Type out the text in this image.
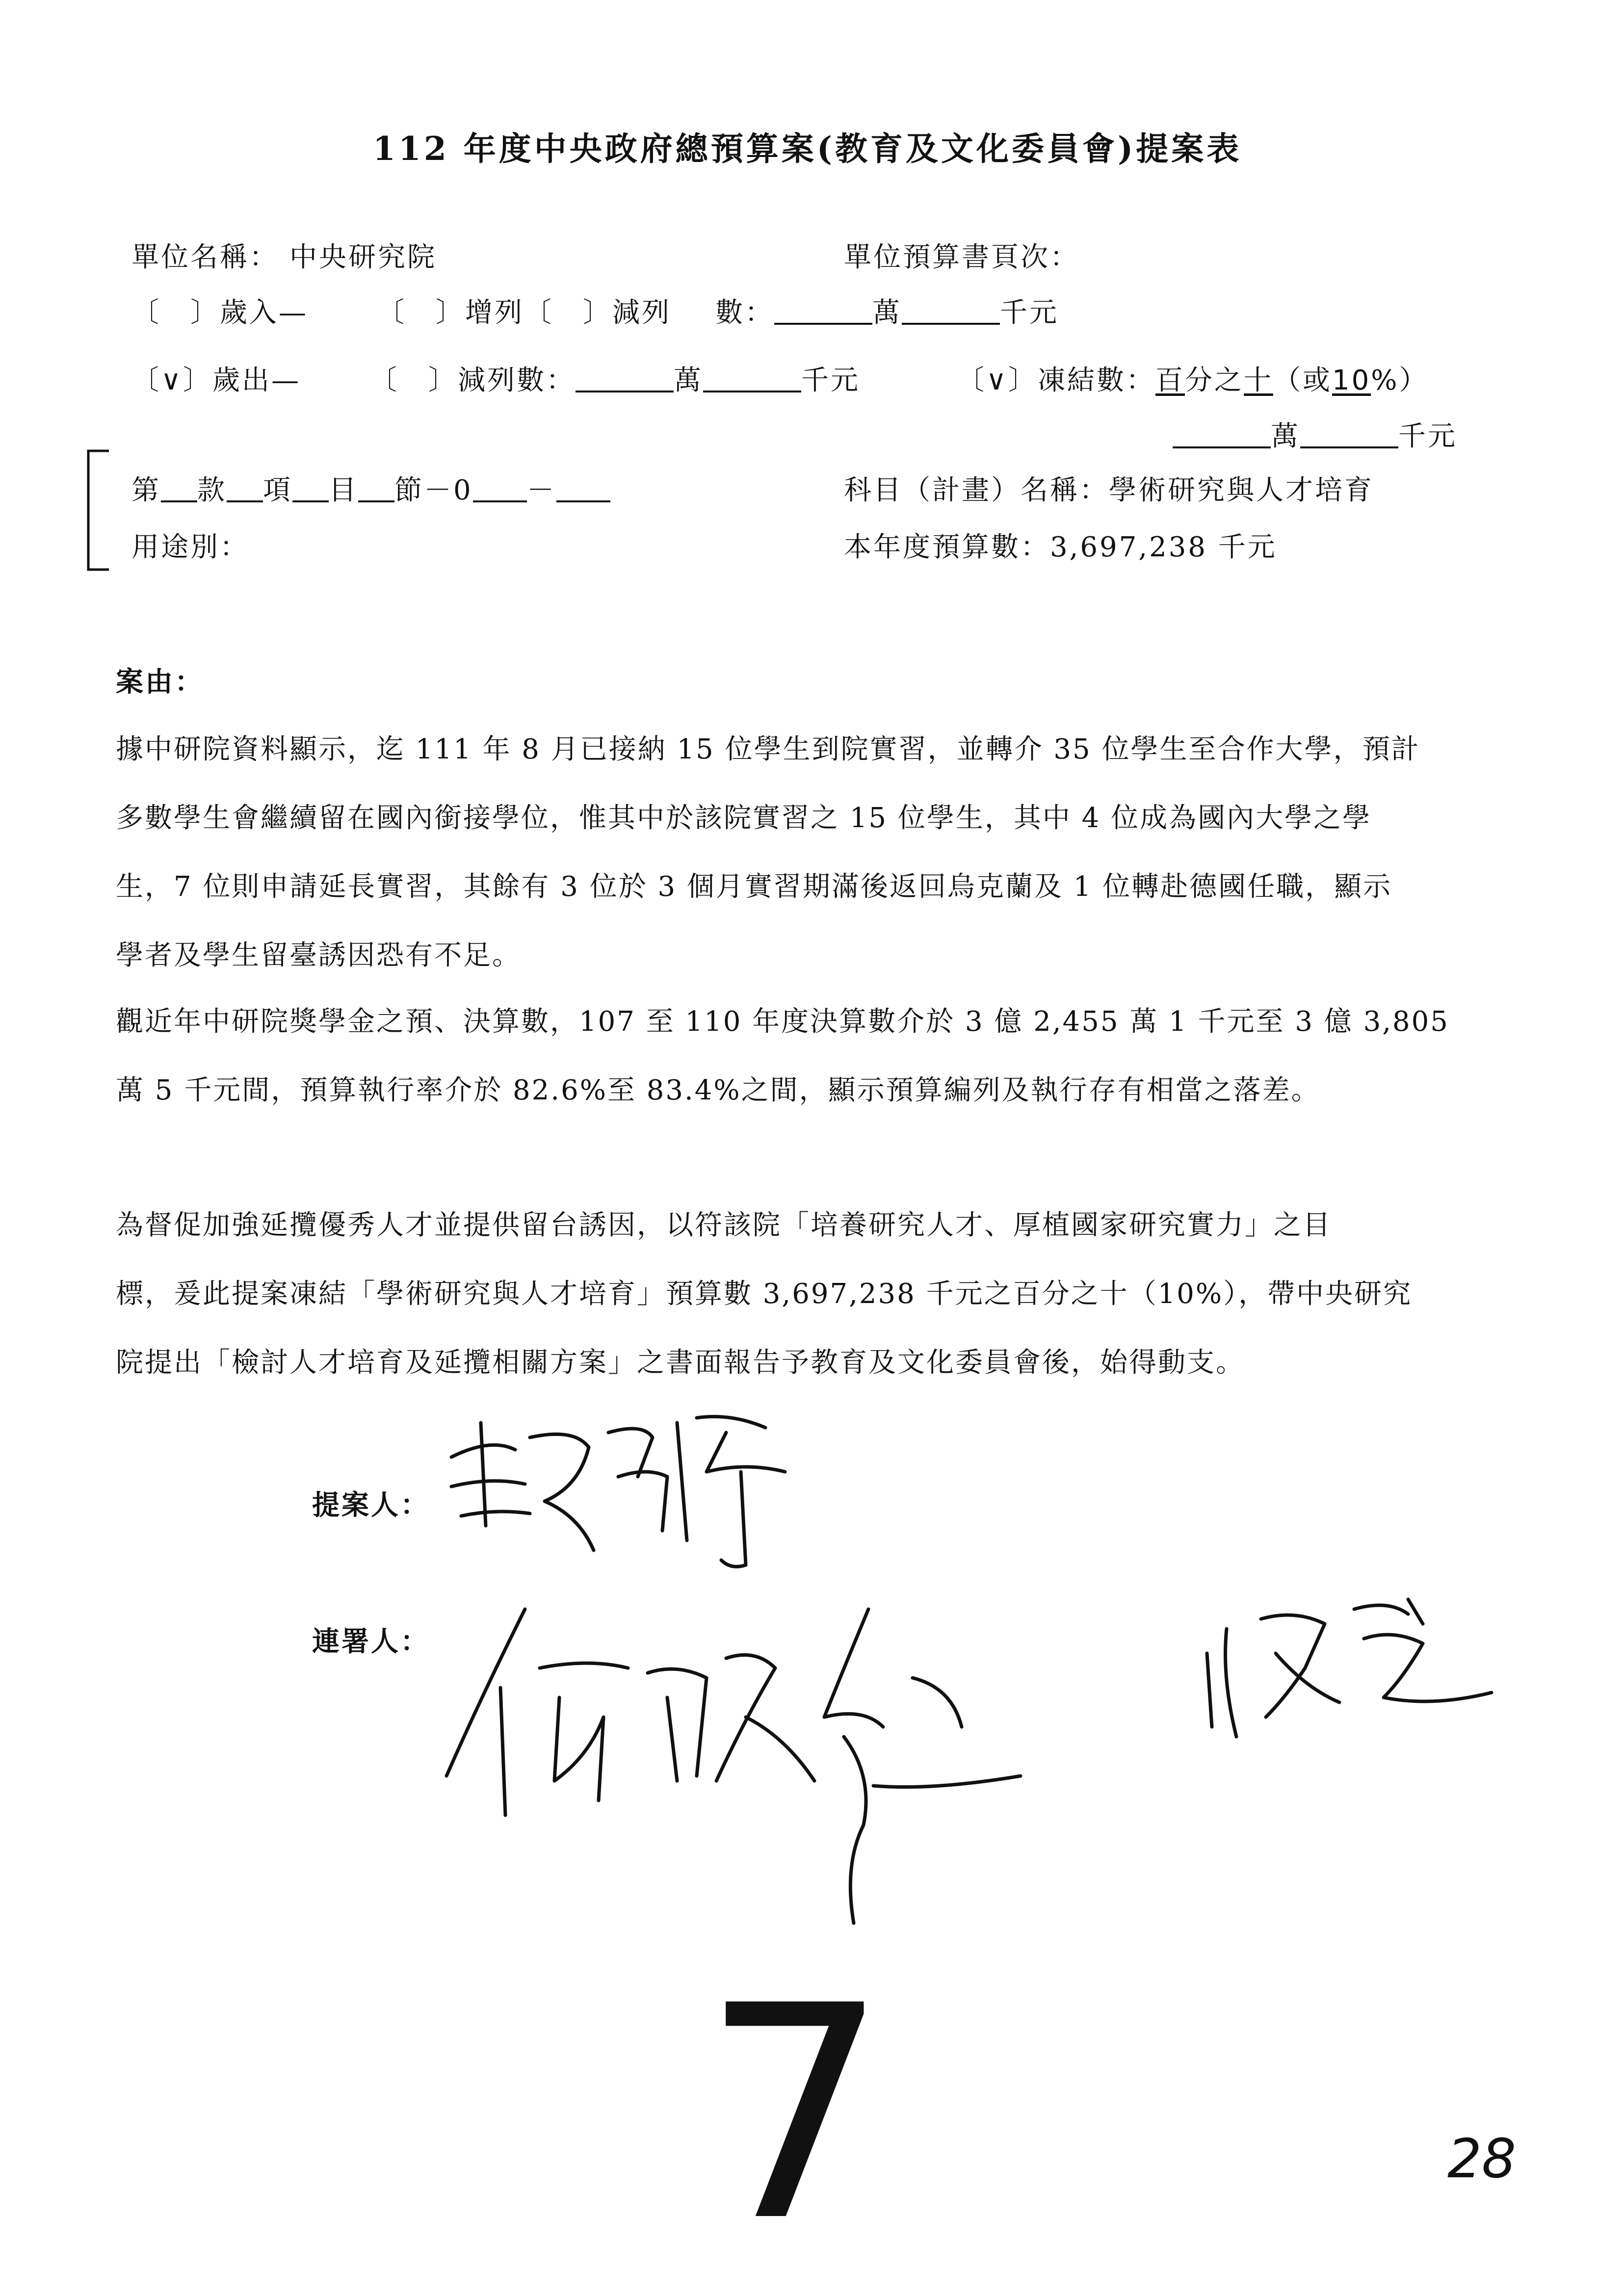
112 年度中央政府總預算案(教育及文化委員會)提案表
單位名稱： 中央研究院	單位預算書頁次：
〔　〕歲入—	〔　〕增列〔　〕減列 數：	萬	千元
〔∨〕歲出—	〔　〕減列數：	萬	千元	〔∨〕凍結數：百分之十（或10%）
萬	千元
第 款 項 目 節－0 －	科目（計畫）名稱：學術研究與人才培育
用途別：	本年度預算數：3,697,238 千元
案由：
據中研院資料顯示，迄 111 年 8 月已接納 15 位學生到院實習，並轉介 35 位學生至合作大學，預計
多數學生會繼續留在國內銜接學位，惟其中於該院實習之 15 位學生，其中 4 位成為國內大學之學
生，7 位則申請延長實習，其餘有 3 位於 3 個月實習期滿後返回烏克蘭及 1 位轉赴德國任職，顯示
學者及學生留臺誘因恐有不足。
觀近年中研院獎學金之預、決算數，107 至 110 年度決算數介於 3 億 2,455 萬 1 千元至 3 億 3,805
萬 5 千元間，預算執行率介於 82.6%至 83.4%之間，顯示預算編列及執行存有相當之落差。
為督促加強延攬優秀人才並提供留台誘因，以符該院「培養研究人才、厚植國家研究實力」之目
標，爰此提案凍結「學術研究與人才培育」預算數 3,697,238 千元之百分之十（10%），帶中央研究
院提出「檢討人才培育及延攬相關方案」之書面報告予教育及文化委員會後，始得動支。
提案人：
連署人：
7	28
